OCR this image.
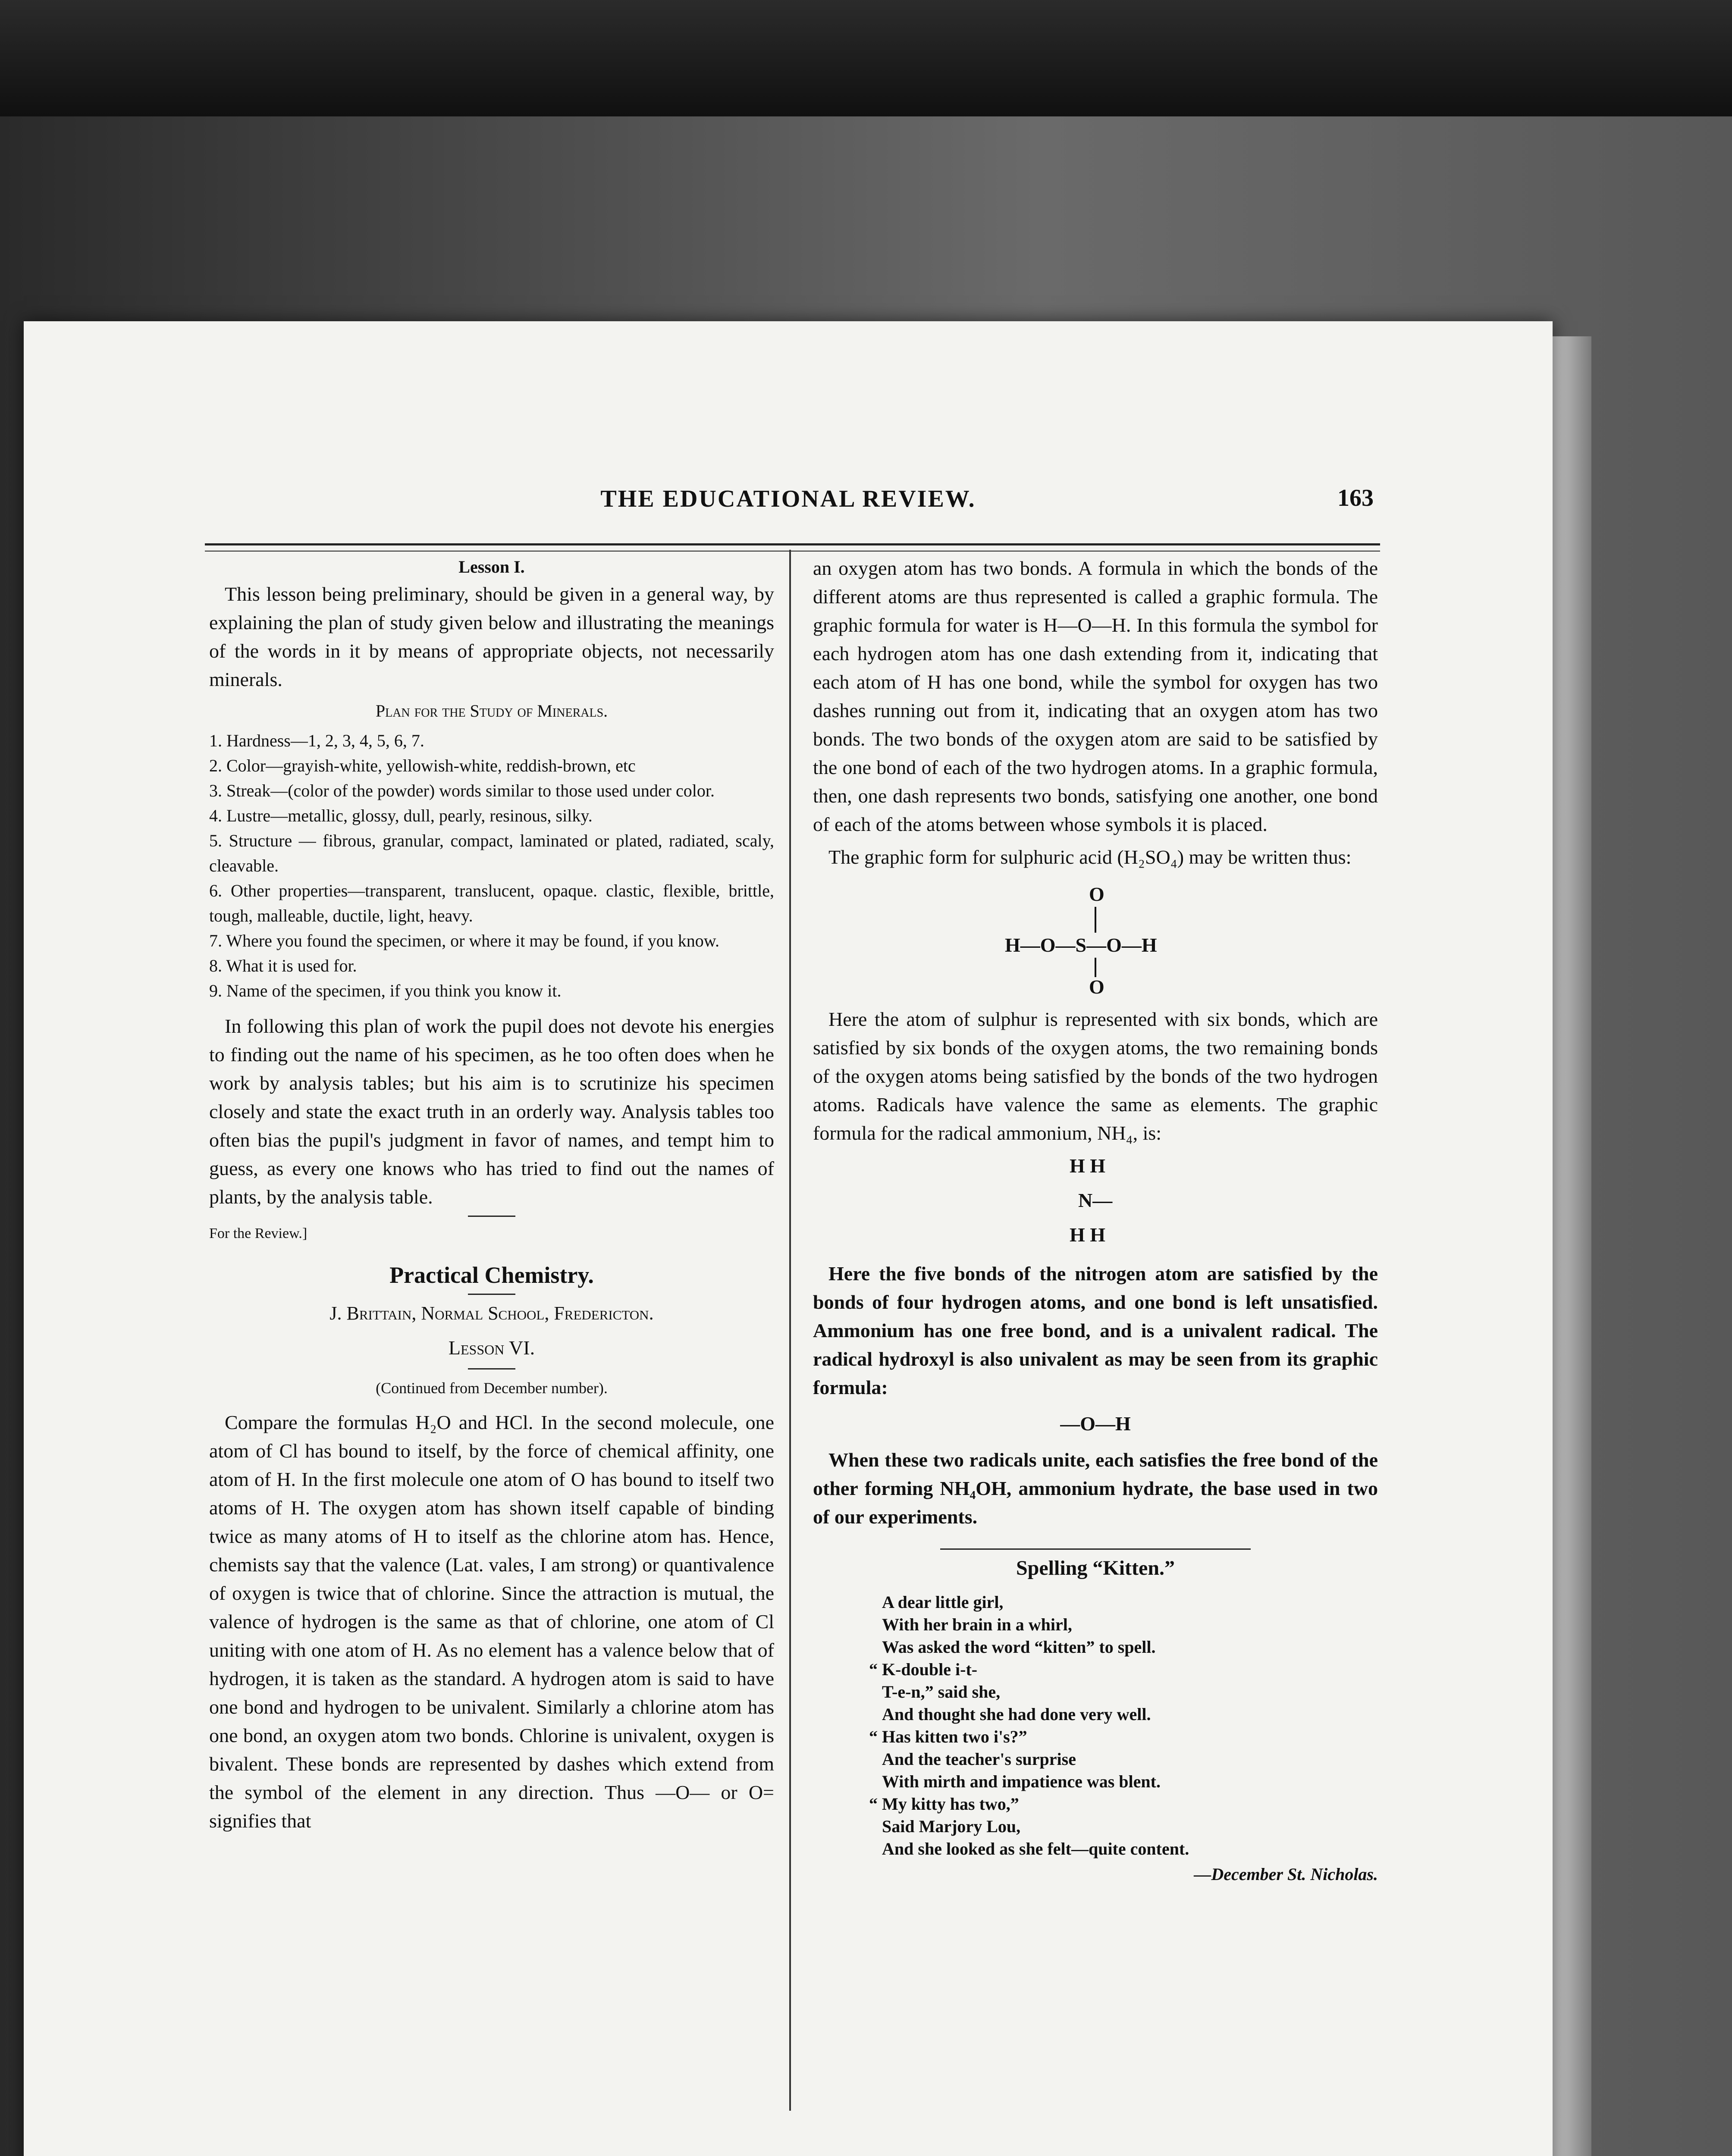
THE EDUCATIONAL REVIEW.	163
Lesson I.

This lesson being preliminary, should be given in a general way, by explaining the plan of study given below and illustrating the meanings of the words in it by means of appropriate objects, not necessarily minerals.

Plan for the Study of Minerals.
1. Hardness—1, 2, 3, 4, 5, 6, 7.
2. Color—grayish-white, yellowish-white, reddish-brown, etc
3. Streak—(color of the powder) words similar to those used under color.
4. Lustre—metallic, glossy, dull, pearly, resinous, silky.
5. Structure — fibrous, granular, compact, laminated or plated, radiated, scaly, cleavable.
6. Other properties—transparent, translucent, opaque. clastic, flexible, brittle, tough, malleable, ductile, light, heavy.
7. Where you found the specimen, or where it may be found, if you know.
8. What it is used for.
9. Name of the specimen, if you think you know it.

In following this plan of work the pupil does not devote his energies to finding out the name of his specimen, as he too often does when he work by analysis tables; but his aim is to scrutinize his specimen closely and state the exact truth in an orderly way. Analysis tables too often bias the pupil's judgment in favor of names, and tempt him to guess, as every one knows who has tried to find out the names of plants, by the analysis table.

For the Review.]
Practical Chemistry.
J. Brittain, Normal School, Fredericton.
Lesson VI.
(Continued from December number).

Compare the formulas H₂O and HCl. In the second molecule, one atom of Cl has bound to itself, by the force of chemical affinity, one atom of H. In the first molecule one atom of O has bound to itself two atoms of H. The oxygen atom has shown itself capable of binding twice as many atoms of H to itself as the chlorine atom has. Hence, chemists say that the valence (Lat. vales, I am strong) or quantivalence of oxygen is twice that of chlorine. Since the attraction is mutual, the valence of hydrogen is the same as that of chlorine, one atom of Cl uniting with one atom of H. As no element has a valence below that of hydrogen, it is taken as the standard. A hydrogen atom is said to have one bond and hydrogen to be univalent. Similarly a chlorine atom has one bond, an oxygen atom two bonds. Chlorine is univalent, oxygen is bivalent. These bonds are represented by dashes which extend from the symbol of the element in any direction. Thus —O— or O= signifies that

an oxygen atom has two bonds. A formula in which the bonds of the different atoms are thus represented is called a graphic formula. The graphic formula for water is H—O—H. In this formula the symbol for each hydrogen atom has one dash extending from it, indicating that each atom of H has one bond, while the symbol for oxygen has two dashes running out from it, indicating that an oxygen atom has two bonds. The two bonds of the oxygen atom are said to be satisfied by the one bond of each of the two hydrogen atoms. In a graphic formula, then, one dash represents two bonds, satisfying one another, one bond of each of the atoms between whose symbols it is placed.

The graphic form for sulphuric acid (H₂SO₄) may be written thus:

O
H—O—S—O—H
O

Here the atom of sulphur is represented with six bonds, which are satisfied by six bonds of the oxygen atoms, the two remaining bonds of the oxygen atoms being satisfied by the bonds of the two hydrogen atoms. Radicals have valence the same as elements. The graphic formula for the radical ammonium, NH₄, is:

H H
N—
H H

Here the five bonds of the nitrogen atom are satisfied by the bonds of four hydrogen atoms, and one bond is left unsatisfied. Ammonium has one free bond, and is a univalent radical. The radical hydroxyl is also univalent as may be seen from its graphic formula:

—O—H

When these two radicals unite, each satisfies the free bond of the other forming NH₄OH, ammonium hydrate, the base used in two of our experiments.

Spelling “Kitten.”
A dear little girl,
With her brain in a whirl,
Was asked the word “kitten” to spell.
“ K-double i-t-
T-e-n,” said she,
And thought she had done very well.
“ Has kitten two i's?”
And the teacher's surprise
With mirth and impatience was blent.
“ My kitty has two,”
Said Marjory Lou,
And she looked as she felt—quite content.
—December St. Nicholas.
